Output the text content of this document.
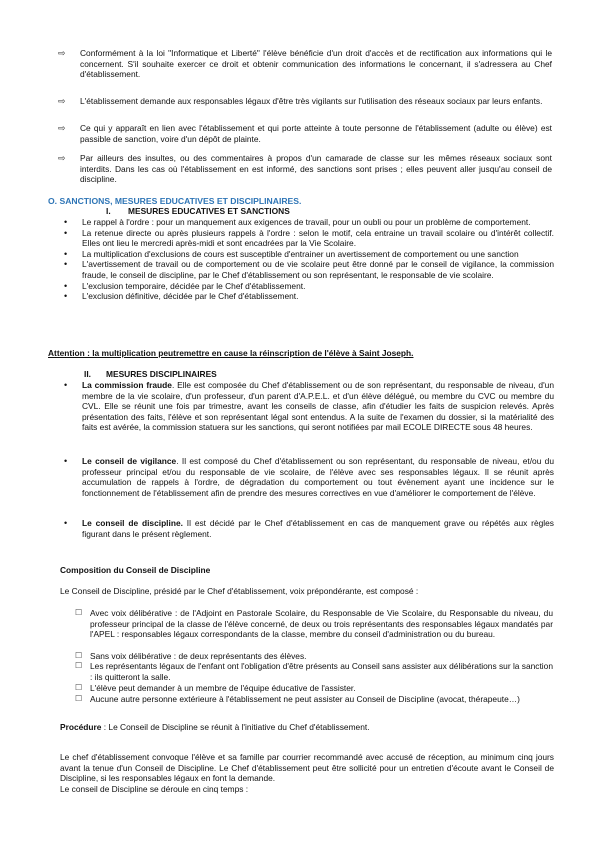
⇨	Conformément à la loi "Informatique et Liberté" l'élève bénéficie d'un droit d'accès et de rectification aux informations qui le concernent. S'il souhaite exercer ce droit et obtenir communication des informations le concernant, il s'adressera au Chef d'établissement.

⇨	L'établissement demande aux responsables légaux d'être très vigilants sur l'utilisation des réseaux sociaux par leurs enfants.

⇨	Ce qui y apparaît en lien avec l'établissement et qui porte atteinte à toute personne de l'établissement (adulte ou élève) est passible de sanction, voire d'un dépôt de plainte.

⇨	Par ailleurs des insultes, ou des commentaires à propos d'un camarade de classe sur les mêmes réseaux sociaux sont interdits. Dans les cas où l'établissement en est informé, des sanctions sont prises ; elles peuvent aller jusqu'au conseil de discipline.

O. SANCTIONS, MESURES EDUCATIVES ET DISCIPLINAIRES.
I. MESURES EDUCATIVES ET SANCTIONS
• Le rappel à l'ordre : pour un manquement aux exigences de travail, pour un oubli ou pour un problème de comportement.
• La retenue directe ou après plusieurs rappels à l'ordre : selon le motif, cela entraine un travail scolaire ou d'intérêt collectif. Elles ont lieu le mercredi après-midi et sont encadrées par la Vie Scolaire.
• La multiplication d'exclusions de cours est susceptible d'entrainer un avertissement de comportement ou une sanction
• L'avertissement de travail ou de comportement ou de vie scolaire peut être donné par le conseil de vigilance, la commission fraude, le conseil de discipline, par le Chef d'établissement ou son représentant, le responsable de vie scolaire.
• L'exclusion temporaire, décidée par le Chef d'établissement.
• L'exclusion définitive, décidée par le Chef d'établissement.
Attention : la multiplication peutremettre en cause la réinscription de l'élève à Saint Joseph.
II. MESURES DISCIPLINAIRES
•	La commission fraude. Elle est composée du Chef d'établissement ou de son représentant, du responsable de niveau, d'un membre de la vie scolaire, d'un professeur, d'un parent d'A.P.E.L. et d'un élève délégué, ou membre du CVC ou membre du CVL. Elle se réunit une fois par trimestre, avant les conseils de classe, afin d'étudier les faits de suspicion relevés. Après présentation des faits, l'élève et son représentant légal sont entendus. A la suite de l'examen du dossier, si la matérialité des faits est avérée, la commission statuera sur les sanctions, qui seront notifiées par mail ECOLE DIRECTE sous 48 heures.

•	Le conseil de vigilance. Il est composé du Chef d'établissement ou son représentant, du responsable de niveau, et/ou du professeur principal et/ou du responsable de vie scolaire, de l'élève avec ses responsables légaux. Il se réunit après accumulation de rappels à l'ordre, de dégradation du comportement ou tout évènement ayant une incidence sur le fonctionnement de l'établissement afin de prendre des mesures correctives en vue d'améliorer le comportement de l'élève.

•	Le conseil de discipline. Il est décidé par le Chef d'établissement en cas de manquement grave ou répétés aux règles figurant dans le présent règlement.

Composition du Conseil de Discipline

Le Conseil de Discipline, présidé par le Chef d'établissement, voix prépondérante, est composé :

☐ Avec voix délibérative : de l'Adjoint en Pastorale Scolaire, du Responsable de Vie Scolaire, du Responsable du niveau, du professeur principal de la classe de l'élève concerné, de deux ou trois représentants des responsables légaux mandatés par l'APEL : responsables légaux correspondants de la classe, membre du conseil d'administration ou du bureau.

☐ Sans voix délibérative : de deux représentants des élèves.

☐ Les représentants légaux de l'enfant ont l'obligation d'être présents au Conseil sans assister aux délibérations sur la sanction : ils quitteront la salle.

☐ L'élève peut demander à un membre de l'équipe éducative de l'assister.

☐ Aucune autre personne extérieure à l'établissement ne peut assister au Conseil de Discipline (avocat, thérapeute…)

Procédure : Le Conseil de Discipline se réunit à l'initiative du Chef d'établissement.

Le chef d'établissement convoque l'élève et sa famille par courrier recommandé avec accusé de réception, au minimum cinq jours avant la tenue d'un Conseil de Discipline. Le Chef d'établissement peut être sollicité pour un entretien d'écoute avant le Conseil de Discipline, si les responsables légaux en font la demande.

Le conseil de Discipline se déroule en cinq temps :
